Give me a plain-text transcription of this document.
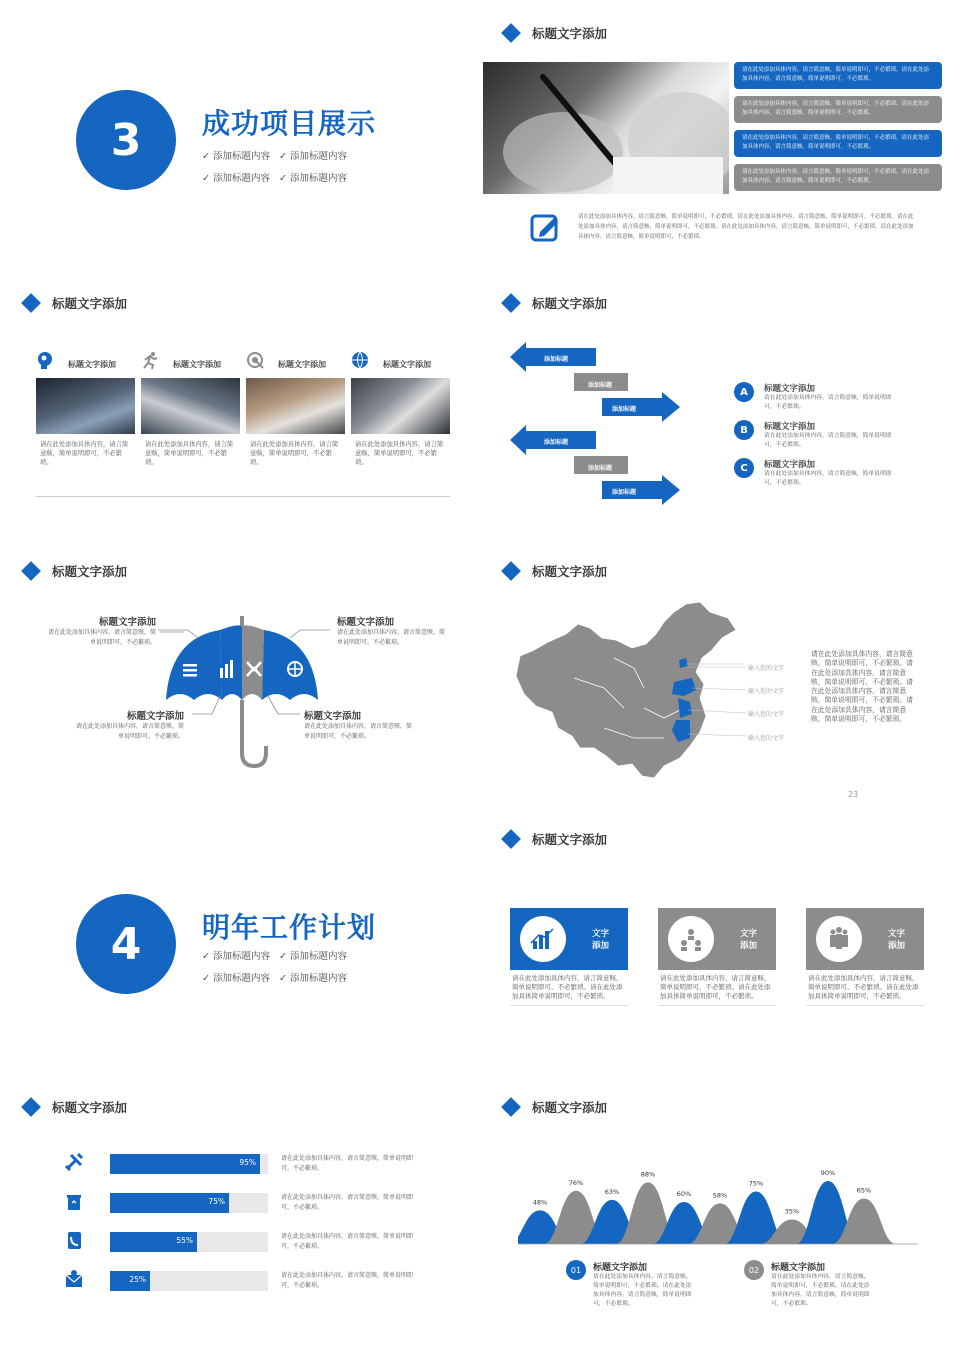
3 成功项目展示
✓ 添加标题内容 ✓ 添加标题内容
✓ 添加标题内容 ✓ 添加标题内容
标题文字添加
请在此处添加具体内容，请言简意赅，简单说明即可，不必繁琐。请在此处添加具体内容，请言简意赅，简单说明即可，不必繁琐。
请在此处添加具体内容，请言简意赅，简单说明即可，不必繁琐。请在此处添加具体内容，请言简意赅，简单说明即可，不必繁琐。
请在此处添加具体内容，请言简意赅，简单说明即可，不必繁琐。请在此处添加具体内容，请言简意赅，简单说明即可，不必繁琐。
请在此处添加具体内容，请言简意赅，简单说明即可，不必繁琐。请在此处添加具体内容，请言简意赅，简单说明即可，不必繁琐。
请在此处添加具体内容，请言简意赅，简单说明即可，不必繁琐。请在此处添加具体内容，请言简意赅，简单说明即可，不必繁琐。请在此处添加具体内容，请言简意赅，简单说明即可，不必繁琐。请在此处添加具体内容，请言简意赅，简单说明即可，不必繁琐。请在此处添加具体内容，请言简意赅，简单说明即可，不必繁琐。
标题文字添加
标题文字添加
请在此处添加具体内容，请言简意赅，简单说明即可，不必繁琐。
标题文字添加
请在此处添加具体内容，请言简意赅，简单说明即可，不必繁琐。
标题文字添加
请在此处添加具体内容，请言简意赅，简单说明即可，不必繁琐。
标题文字添加
请在此处添加具体内容，请言简意赅，简单说明即可，不必繁琐。
标题文字添加
添加标题
添加标题
添加标题
添加标题
添加标题
添加标题
A	标题文字添加
请在此处添加具体内容，请言简意赅，简单说明即可，不必繁琐。
B	标题文字添加
请在此处添加具体内容，请言简意赅，简单说明即可，不必繁琐。
C	标题文字添加
请在此处添加具体内容，请言简意赅，简单说明即可，不必繁琐。
标题文字添加
标题文字添加
请在此处添加具体内容，请言简意赅，简单说明即可，不必繁琐。
标题文字添加
请在此处添加具体内容，请言简意赅，简单说明即可，不必繁琐。
标题文字添加
请在此处添加具体内容，请言简意赅，简单说明即可，不必繁琐。
标题文字添加
请在此处添加具体内容，请言简意赅，简单说明即可，不必繁琐。
标题文字添加
输入您的文字
输入您的文字
输入您的文字
输入您的文字
请在此处添加具体内容，请言简意赅，简单说明即可，不必繁琐。请在此处添加具体内容，请言简意赅，简单说明即可，不必繁琐。请在此处添加具体内容，请言简意赅，简单说明即可，不必繁琐。请在此处添加具体内容，请言简意赅，简单说明即可，不必繁琐。
23
4 明年工作计划
✓ 添加标题内容 ✓ 添加标题内容
✓ 添加标题内容 ✓ 添加标题内容
标题文字添加
文字
添加
请在此处添加具体内容，请言简意赅，简单说明即可，不必繁琐。请在此处添加具体简单说明即可，不必繁琐。
文字
添加
请在此处添加具体内容，请言简意赅，简单说明即可，不必繁琐。请在此处添加具体简单说明即可，不必繁琐。
文字
添加
请在此处添加具体内容，请言简意赅，简单说明即可，不必繁琐。请在此处添加具体简单说明即可，不必繁琐。
标题文字添加
95%	请在此处添加具体内容，请言简意赅，简单说明即可，不必繁琐。
75%	请在此处添加具体内容，请言简意赅，简单说明即可，不必繁琐。
55%	请在此处添加具体内容，请言简意赅，简单说明即可，不必繁琐。
25%	请在此处添加具体内容，请言简意赅，简单说明即可，不必繁琐。
标题文字添加
48%
76%
63%
88%
60%	58%
75%
35%
90%
65%
01	标题文字添加
请在此处添加具体内容，请言简意赅，简单说明即可，不必繁琐。请在此处添加具体内容，请言简意赅，简单说明即可，不必繁琐。
02	标题文字添加
请在此处添加具体内容，请言简意赅，简单说明即可，不必繁琐。请在此处添加具体内容，请言简意赅，简单说明即可，不必繁琐。
